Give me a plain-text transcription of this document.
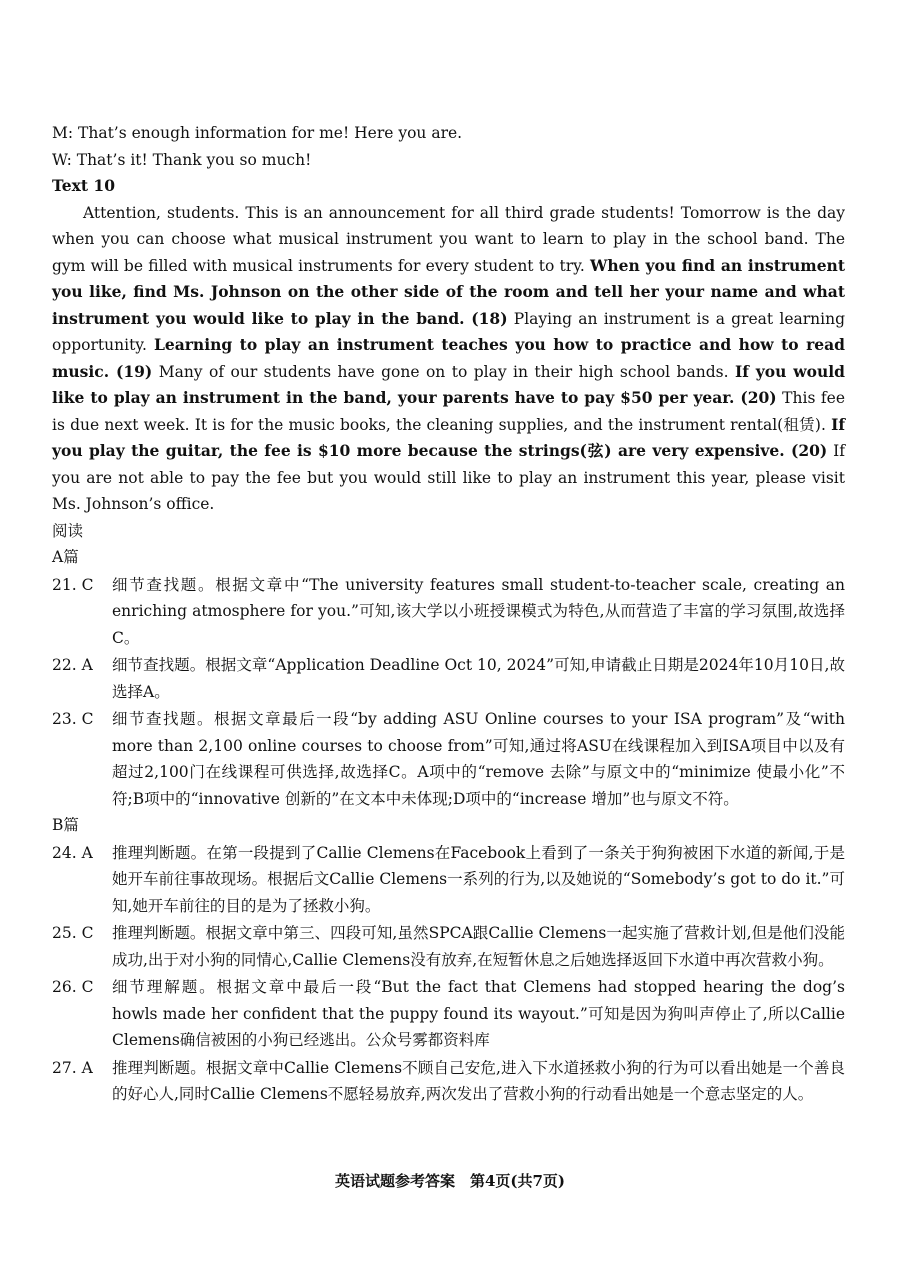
M: That’s enough information for me! Here you are.
W: That’s it! Thank you so much!
Text 10
Attention, students. This is an announcement for all third grade students! Tomorrow is the day when you can choose what musical instrument you want to learn to play in the school band. The gym will be filled with musical instruments for every student to try. When you find an instrument you like, find Ms. Johnson on the other side of the room and tell her your name and what instrument you would like to play in the band. (18) Playing an instrument is a great learning opportunity. Learning to play an instrument teaches you how to practice and how to read music. (19) Many of our students have gone on to play in their high school bands. If you would like to play an instrument in the band, your parents have to pay $50 per year. (20) This fee is due next week. It is for the music books, the cleaning supplies, and the instrument rental(租赁). If you play the guitar, the fee is $10 more because the strings(弦) are very expensive. (20) If you are not able to pay the fee but you would still like to play an instrument this year, please visit Ms. Johnson’s office.
阅读
A篇
21. C	细节查找题。根据文章中“The university features small student-to-teacher scale, creating an enriching atmosphere for you.”可知,该大学以小班授课模式为特色,从而营造了丰富的学习氛围,故选择C。
22. A	细节查找题。根据文章“Application Deadline Oct 10, 2024”可知,申请截止日期是2024年10月10日,故选择A。
23. C	细节查找题。根据文章最后一段“by adding ASU Online courses to your ISA program”及“with more than 2,100 online courses to choose from”可知,通过将ASU在线课程加入到ISA项目中以及有超过2,100门在线课程可供选择,故选择C。A项中的“remove 去除”与原文中的“minimize 使最小化”不符;B项中的“innovative 创新的”在文本中未体现;D项中的“increase 增加”也与原文不符。
B篇
24. A	推理判断题。在第一段提到了Callie Clemens在Facebook上看到了一条关于狗狗被困下水道的新闻,于是她开车前往事故现场。根据后文Callie Clemens一系列的行为,以及她说的“Somebody’s got to do it.”可知,她开车前往的目的是为了拯救小狗。
25. C	推理判断题。根据文章中第三、四段可知,虽然SPCA跟Callie Clemens一起实施了营救计划,但是他们没能成功,出于对小狗的同情心,Callie Clemens没有放弃,在短暂休息之后她选择返回下水道中再次营救小狗。
26. C	细节理解题。根据文章中最后一段“But the fact that Clemens had stopped hearing the dog’s howls made her confident that the puppy found its wayout.”可知是因为狗叫声停止了,所以Callie Clemens确信被困的小狗已经逃出。公众号雾都资料库
27. A	推理判断题。根据文章中Callie Clemens不顾自己安危,进入下水道拯救小狗的行为可以看出她是一个善良的好心人,同时Callie Clemens不愿轻易放弃,两次发出了营救小狗的行动看出她是一个意志坚定的人。
英语试题参考答案　第4页(共7页)
